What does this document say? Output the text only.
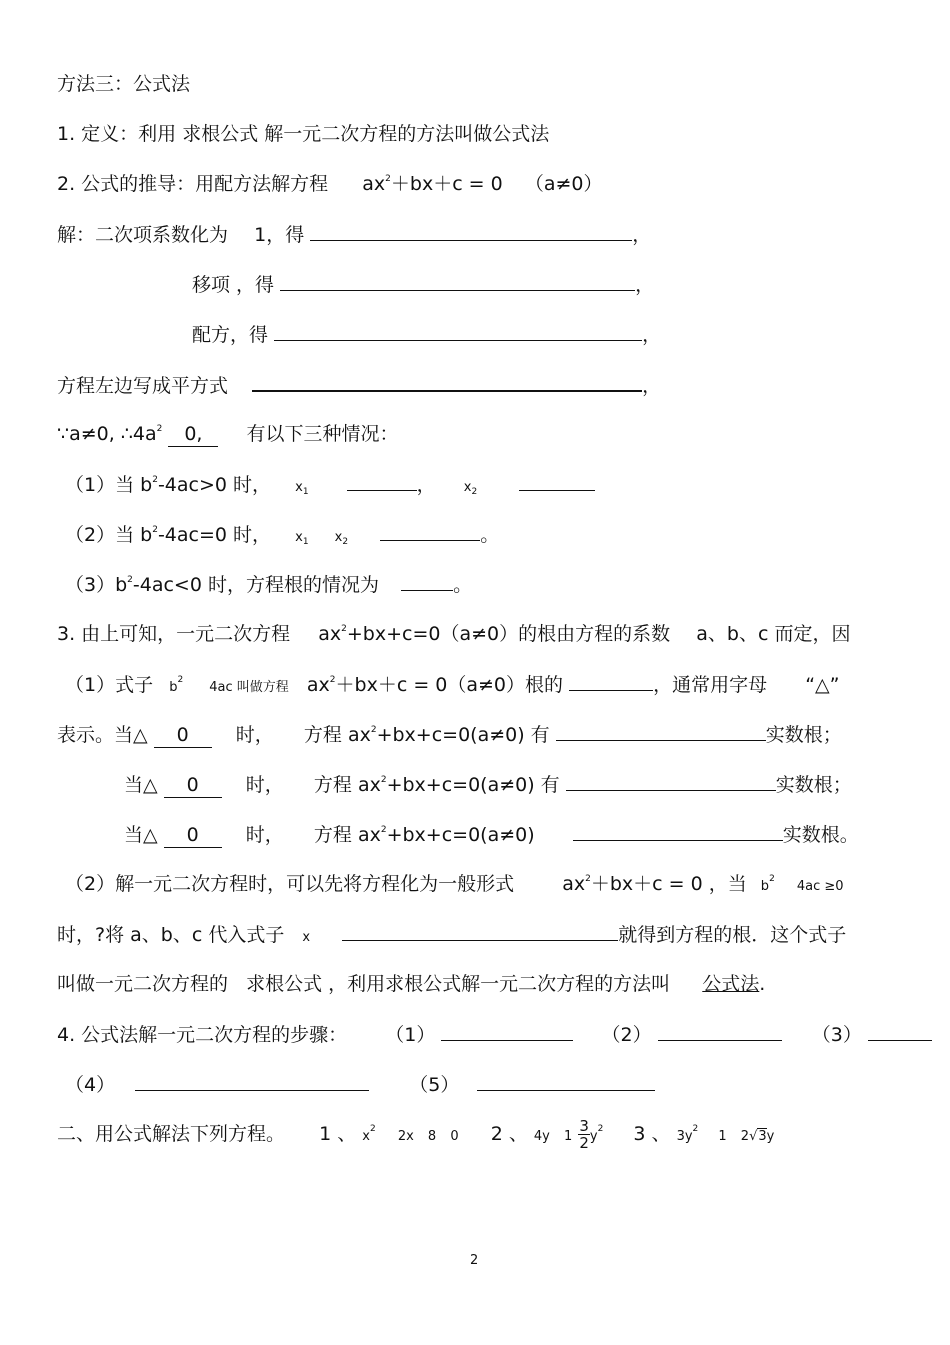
方法三：公式法
1. 定义：利用 求根公式 解一元二次方程的方法叫做公式法
2. 公式的推导：用配方法解方程 $ax^2+bx+c = 0$ （a≠0）
解：二次项系数化为 1，得	，
移项 ，得	，
配方，得	，
方程左边写成平方式	，
∵a≠0, $\therefore 4a^2$ 0, 有以下三种情况：
（1）当 $b^2-4ac>0$ 时， $x_1$	， $x_2$
（2）当 $b^2-4ac=0$ 时， $x_1$ $x_2$	。
$(3)b^2-4ac<0$ 时，方程根的情况为	。
3. 由上可知，一元二次方程 $ax^2+bx+c=0(a\ne 0)$的根由方程的系数 a、b、c 而定，因
（1）式子 $b^2$ 4ac 叫做方程 $ax^2+bx+c = 0(a\ne 0)$根的	，通常用字母 “△”
表示。当△ 0 时， 方程 $ax^2+bx+c=0(a\ne 0)$ 有	实数根；
当△ 0 时， 方程 $ax^2+bx+c=0(a\ne 0)$ 有	实数根；
当△ 0 时， 方程 $ax^2+bx+c=0(a\ne 0)$	实数根。
（2）解一元二次方程时，可以先将方程化为一般形式	$ax^2+bx+c = 0$ ，当 $b^2$ 4ac ≥0
时，?将 a、b、c 代入式子 x	就得到方程的根．这个式子
叫做一元二次方程的 求根公式 ，利用求根公式解一元二次方程的方法叫 公式法.
4. 公式法解一元二次方程的步骤： （1）	（2）	（3）
（4）	（5）
二、用公式解法下列方程。 1 、 $x^2$ 2x 8 0 2 、 4y $1 \frac{3}{2} y^2$ 3 、 $3y^2$ 1 2√3y
2
